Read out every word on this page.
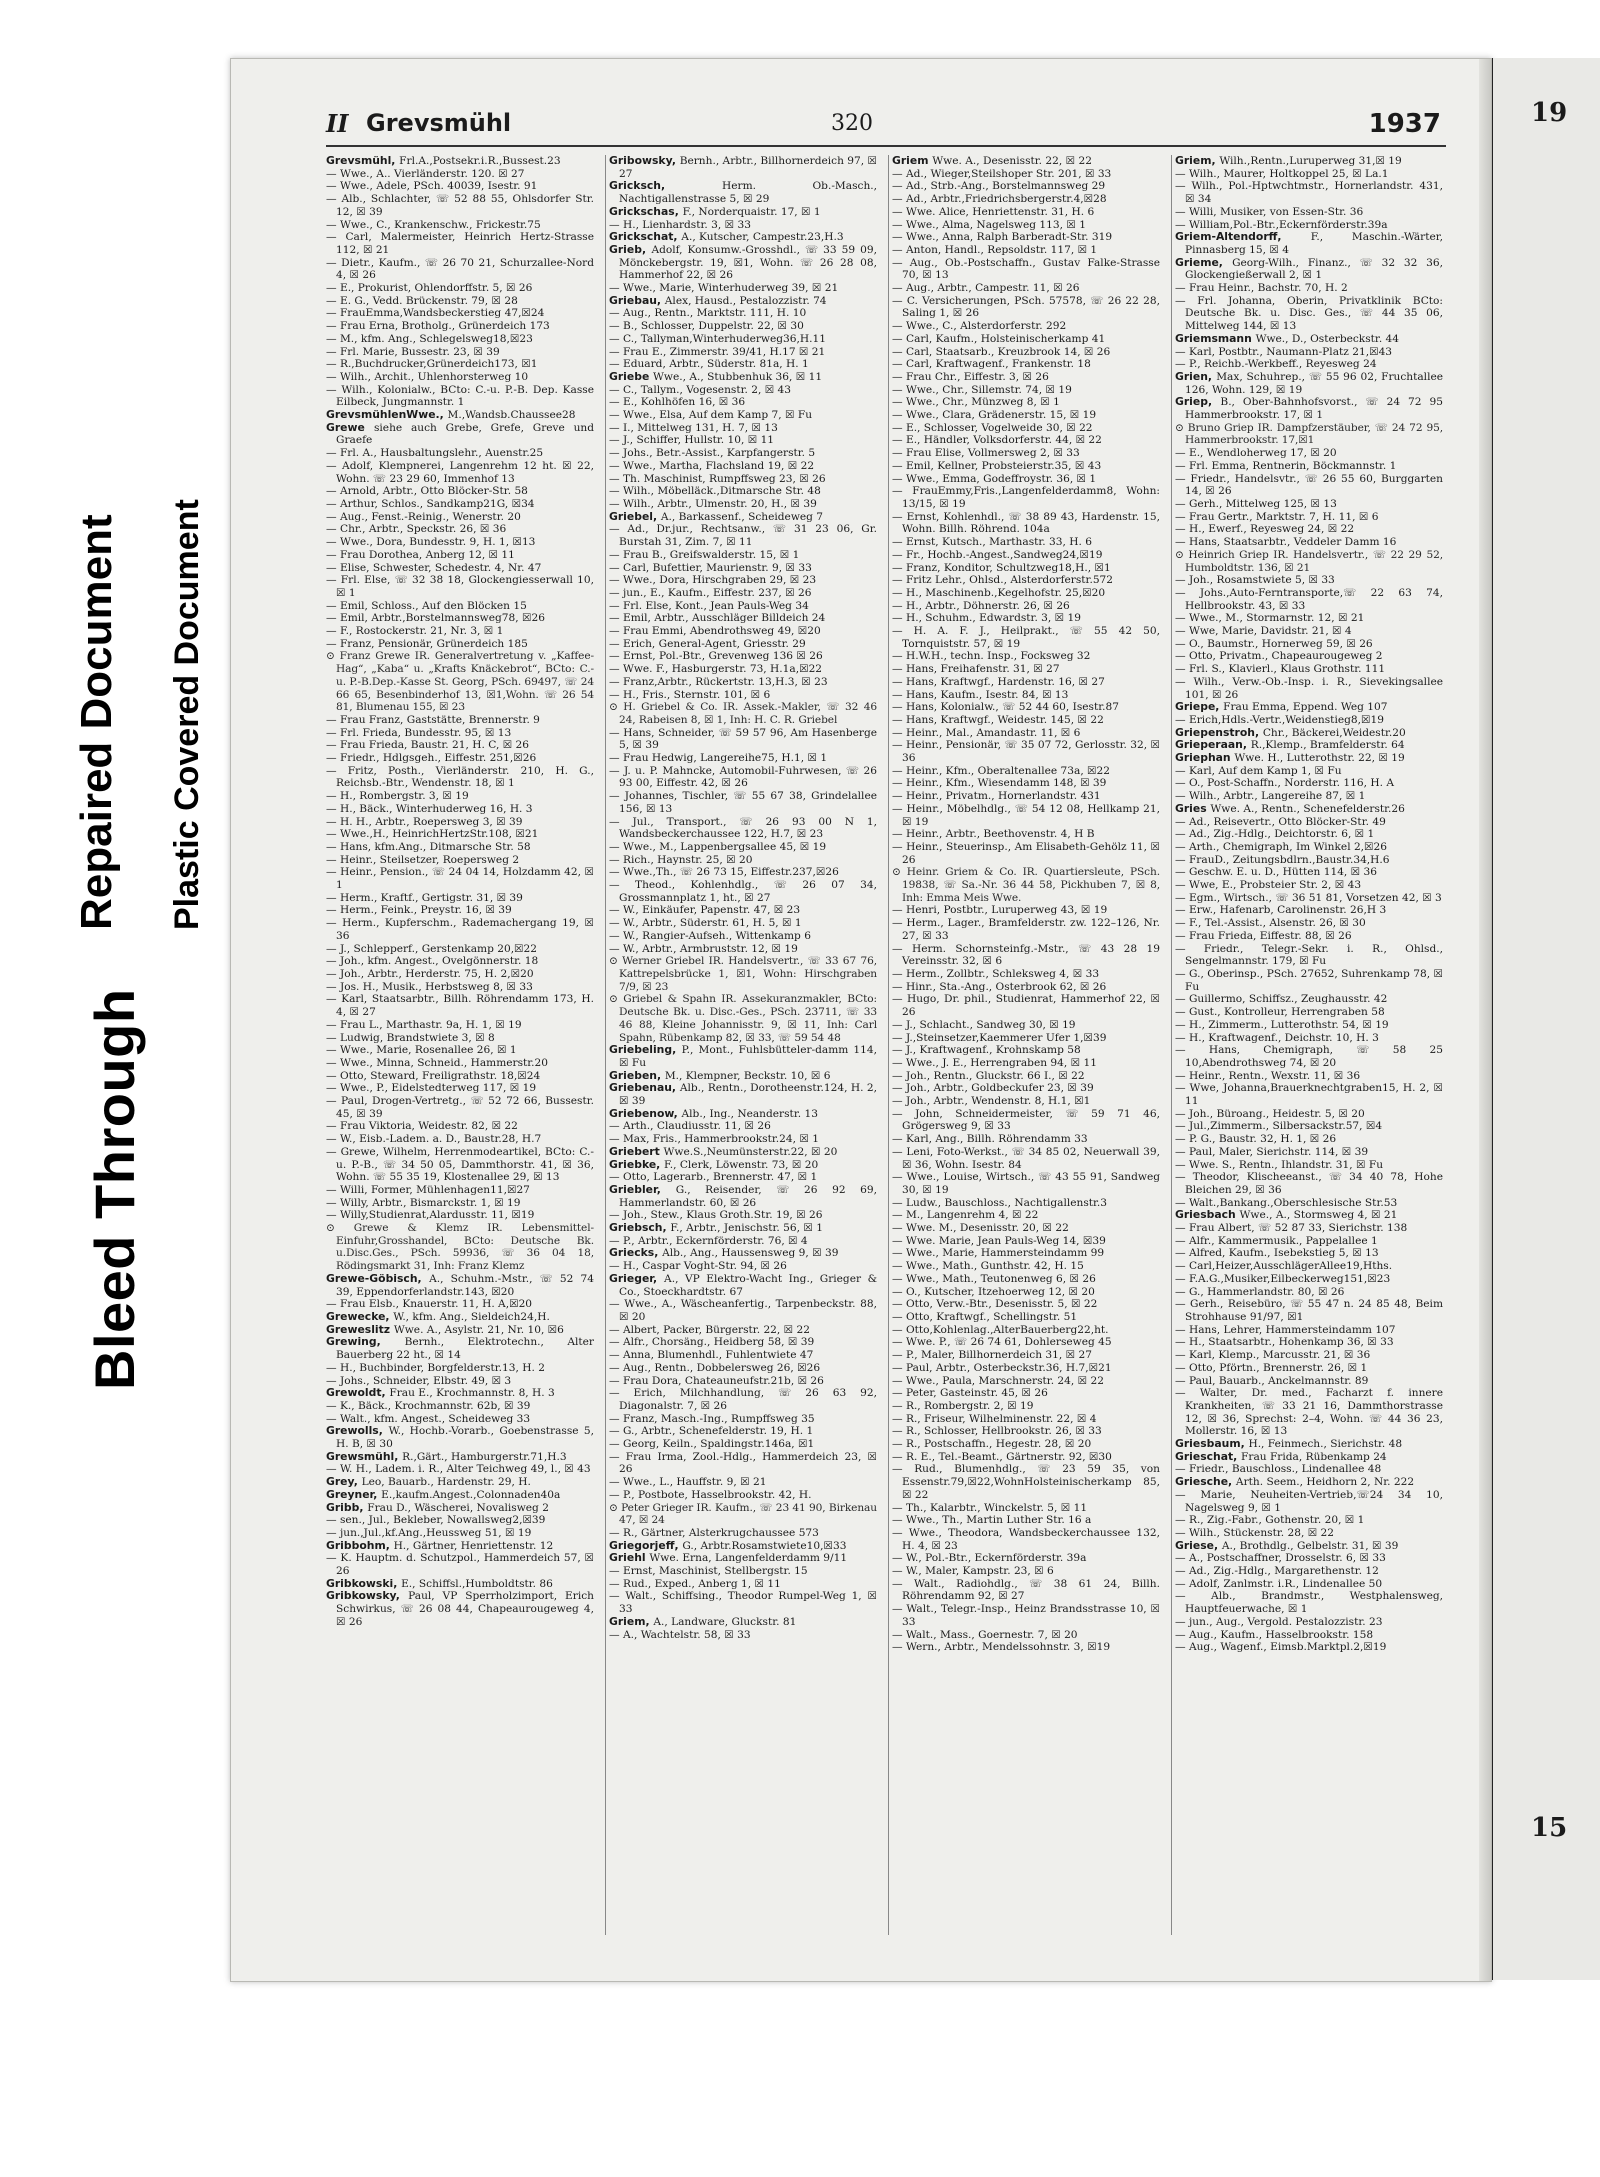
Bleed Through
Repaired Document Plastic Covered Document
II Grevsmühl	320	1937

Grevsmühl, Frl.A.,Postsekr.i.R.,Bussest.23

— Wwe., A.. Vierländerstr. 120. ☒ 27

— Wwe., Adele, PSch. 40039, Isestr. 91

— Alb., Schlachter, ☏ 52 88 55, Ohlsdorfer Str. 12, ☒ 39

— Wwe., C., Krankenschw., Frickestr.75

— Carl, Malermeister, Heinrich Hertz-Strasse 112, ☒ 21

— Dietr., Kaufm., ☏ 26 70 21, Schurzallee-Nord 4, ☒ 26

— E., Prokurist, Ohlendorffstr. 5, ☒ 26

— E. G., Vedd. Brückenstr. 79, ☒ 28

— FrauEmma,Wandsbeckerstieg 47,☒24

— Frau Erna, Brotholg., Grünerdeich 173

— M., kfm. Ang., Schlegelsweg18,☒23

— Frl. Marie, Bussestr. 23, ☒ 39

— R.,Buchdrucker,Grünerdeich173, ☒1

— Wilh., Archit., Uhlenhorsterweg 10

— Wilh., Kolonialw., BCto: C.-u. P.-B. Dep. Kasse Eilbeck, Jungmannstr. 1

GrevsmühlenWwe., M.,Wandsb.Chaussee28

Grewe siehe auch Grebe, Grefe, Greve und Graefe

— Frl. A., Hausbaltungslehr., Auenstr.25

— Adolf, Klempnerei, Langenrehm 12 ht. ☒ 22, Wohn. ☏ 23 29 60, Immenhof 13

— Arnold, Arbtr., Otto Blöcker-Str. 58

— Arthur, Schlos., Sandkamp21G, ☒34

— Aug., Fenst.-Reinig., Wenerstr. 20

— Chr., Arbtr., Speckstr. 26, ☒ 36

— Wwe., Dora, Bundesstr. 9, H. 1, ☒13

— Frau Dorothea, Anberg 12, ☒ 11

— Elise, Schwester, Schedestr. 4, Nr. 47

— Frl. Else, ☏ 32 38 18, Glockengiesserwall 10, ☒ 1

— Emil, Schloss., Auf den Blöcken 15

— Emil, Arbtr.,Borstelmannsweg78, ☒26

— F., Rostockerstr. 21, Nr. 3, ☒ 1

— Franz, Pensionär, Grünerdeich 185

⊙ Franz Grewe IR. Generalvertretung v. „Kaffee-Hag“, „Kaba“ u. „Krafts Knäckebrot“, BCto: C.- u. P.-B.Dep.-Kasse St. Georg, PSch. 69497, ☏ 24 66 65, Besenbinderhof 13, ☒1,Wohn. ☏ 26 54 81, Blumenau 155, ☒ 23

— Frau Franz, Gaststätte, Brennerstr. 9

— Frl. Frieda, Bundesstr. 95, ☒ 13

— Frau Frieda, Baustr. 21, H. C, ☒ 26

— Friedr., Hdlgsgeh., Eiffestr. 251,☒26

— Fritz, Posth., Vierländerstr. 210, H. G., Reichsb.-Btr., Wendenstr. 18, ☒ 1

— H., Rombergstr. 3, ☒ 19

— H., Bäck., Winterhuderweg 16, H. 3

— H. H., Arbtr., Roepersweg 3, ☒ 39

— Wwe.,H., HeinrichHertzStr.108, ☒21

— Hans, kfm.Ang., Ditmarsche Str. 58

— Heinr., Steilsetzer, Roepersweg 2

— Heinr., Pension., ☏ 24 04 14, Holzdamm 42, ☒ 1

— Herm., Kraftf., Gertigstr. 31, ☒ 39

— Herm., Feink., Preystr. 16, ☒ 39

— Herm., Kupferschm., Rademachergang 19, ☒ 36

— J., Schlepperf., Gerstenkamp 20,☒22

— Joh., kfm. Angest., Ovelgönnerstr. 18

— Joh., Arbtr., Herderstr. 75, H. 2,☒20

— Jos. H., Musik., Herbstsweg 8, ☒ 33

— Karl, Staatsarbtr., Billh. Röhrendamm 173, H. 4, ☒ 27

— Frau L., Marthastr. 9a, H. 1, ☒ 19

— Ludwig, Brandstwiete 3, ☒ 8

— Wwe., Marie, Rosenallee 26, ☒ 1

— Wwe., Minna, Schneid., Hammerstr.20

— Otto, Steward, Freiligrathstr. 18,☒24

— Wwe., P., Eidelstedterweg 117, ☒ 19

— Paul, Drogen-Vertretg., ☏ 52 72 66, Bussestr. 45, ☒ 39

— Frau Viktoria, Weidestr. 82, ☒ 22

— W., Eisb.-Ladem. a. D., Baustr.28, H.7

— Grewe, Wilhelm, Herrenmodeartikel, BCto: C.- u. P.-B., ☏ 34 50 05, Dammthorstr. 41, ☒ 36, Wohn. ☏ 55 35 19, Klostenallee 29, ☒ 13

— Willi, Former, Mühlenhagen11,☒27

— Willy, Arbtr., Bismarckstr. 1, ☒ 19

— Willy,Studienrat,Alardusstr. 11, ☒19

⊙ Grewe & Klemz IR. Lebensmittel-Einfuhr,Grosshandel, BCto: Deutsche Bk. u.Disc.Ges., PSch. 59936, ☏ 36 04 18, Rödingsmarkt 31, Inh: Franz Klemz

Grewe-Göbisch, A., Schuhm.-Mstr., ☏ 52 74 39, Eppendorferlandstr.143, ☒20

— Frau Elsb., Knauerstr. 11, H. A,☒20

Grewecke, W., kfm. Ang., Sieldeich24,H.

Greweslitz Wwe. A., Asylstr. 21, Nr. 10, ☒6

Grewing, Bernh., Elektrotechn., Alter Bauerberg 22 ht., ☒ 14

— H., Buchbinder, Borgfelderstr.13, H. 2

— Johs., Schneider, Elbstr. 49, ☒ 3

Grewoldt, Frau E., Krochmannstr. 8, H. 3

— K., Bäck., Krochmannstr. 62b, ☒ 39

— Walt., kfm. Angest., Scheideweg 33

Grewolls, W., Hochb.-Vorarb., Goebenstrasse 5, H. B, ☒ 30

Grewsmühl, R.,Gärt., Hamburgerstr.71,H.3

— W. H., Ladem. i. R., Alter Teichweg 49, l., ☒ 43

Grey, Leo, Bauarb., Hardenstr. 29, H.

Greyner, E.,kaufm.Angest.,Colonnaden40a

Gribb, Frau D., Wäscherei, Novalisweg 2

— sen., Jul., Bekleber, Nowallsweg2,☒39

— jun.,Jul.,kf.Ang.,Heussweg 51, ☒ 19

Gribbohm, H., Gärtner, Henriettenstr. 12

— K. Hauptm. d. Schutzpol., Hammerdeich 57, ☒ 26

Gribkowski, E., Schiffsl.,Humboldtstr. 86

Gribkowsky, Paul, VP Sperrholzimport, Erich Schwirkus, ☏ 26 08 44, Chapeaurougeweg 4, ☒ 26

Gribowsky, Bernh., Arbtr., Billhornerdeich 97, ☒ 27

Gricksch, Herm. Ob.-Masch., Nachtigallenstrasse 5, ☒ 29

Grickschas, F., Norderquaistr. 17, ☒ 1

— H., Lienhardstr. 3, ☒ 33

Grickschat, A., Kutscher, Campestr.23,H.3

Grieb, Adolf, Konsumw.-Grosshdl., ☏ 33 59 09, Mönckebergstr. 19, ☒1, Wohn. ☏ 26 28 08, Hammerhof 22, ☒ 26

— Wwe., Marie, Winterhuderweg 39, ☒ 21

Griebau, Alex, Hausd., Pestalozzistr. 74

— Aug., Rentn., Marktstr. 111, H. 10

— B., Schlosser, Duppelstr. 22, ☒ 30

— C., Tallyman,Winterhuderweg36,H.11

— Frau E., Zimmerstr. 39/41, H.17 ☒ 21

— Eduard, Arbtr., Süderstr. 81a, H. 1

Griebe Wwe., A., Stubbenhuk 36, ☒ 11

— C., Tallym., Vogesenstr. 2, ☒ 43

— E., Kohlhöfen 16, ☒ 36

— Wwe., Elsa, Auf dem Kamp 7, ☒ Fu

— I., Mittelweg 131, H. 7, ☒ 13

— J., Schiffer, Hullstr. 10, ☒ 11

— Johs., Betr.-Assist., Karpfangerstr. 5

— Wwe., Martha, Flachsland 19, ☒ 22

— Th. Maschinist, Rumpffsweg 23, ☒ 26

— Wilh., Möbelläck.,Ditmarsche Str. 48

— Wilh., Arbtr., Ulmenstr. 20, H., ☒ 39

Griebel, A., Barkassenf., Scheideweg 7

— Ad., Dr.jur., Rechtsanw., ☏ 31 23 06, Gr. Burstah 31, Zim. 7, ☒ 11

— Frau B., Greifswalderstr. 15, ☒ 1

— Carl, Bufettier, Maurienstr. 9, ☒ 33

— Wwe., Dora, Hirschgraben 29, ☒ 23

— jun., E., Kaufm., Eiffestr. 237, ☒ 26

— Frl. Else, Kont., Jean Pauls-Weg 34

— Emil, Arbtr., Ausschläger Billdeich 24

— Frau Emmi, Abendrothsweg 49, ☒20

— Erich, General-Agent, Griesstr. 29

— Ernst, Pol.-Btr., Grevenweg 136 ☒ 26

— Wwe. F., Hasburgerstr. 73, H.1a,☒22

— Franz,Arbtr., Rückertstr. 13,H.3, ☒ 23

— H., Fris., Sternstr. 101, ☒ 6

⊙ H. Griebel & Co. IR. Assek.-Makler, ☏ 32 46 24, Rabeisen 8, ☒ 1, Inh: H. C. R. Griebel

— Hans, Schneider, ☏ 59 57 96, Am Hasenberge 5, ☒ 39

— Frau Hedwig, Langereihe75, H.1, ☒ 1

— J. u. P. Mahncke, Automobil-Fuhrwesen, ☏ 26 93 00, Eiffestr. 42, ☒ 26

— Johannes, Tischler, ☏ 55 67 38, Grindelallee 156, ☒ 13

— Jul., Transport., ☏ 26 93 00 N 1, Wandsbeckerchaussee 122, H.7, ☒ 23

— Wwe., M., Lappenbergsallee 45, ☒ 19

— Rich., Haynstr. 25, ☒ 20

— Wwe.,Th., ☏ 26 73 15, Eiffestr.237,☒26

— Theod., Kohlenhdlg., ☏ 26 07 34, Grossmannplatz 1, ht., ☒ 27

— W., Einkäufer, Papenstr. 47, ☒ 23

— W., Arbtr., Süderstr. 61, H. 5, ☒ 1

— W., Rangier-Aufseh., Wittenkamp 6

— W., Arbtr., Armbruststr. 12, ☒ 19

⊙ Werner Griebel IR. Handelsvertr., ☏ 33 67 76, Kattrepelsbrücke 1, ☒1, Wohn: Hirschgraben 7/9, ☒ 23

⊙ Griebel & Spahn IR. Assekuranzmakler, BCto: Deutsche Bk. u. Disc.-Ges., PSch. 23711, ☏ 33 46 88, Kleine Johannisstr. 9, ☒ 11, Inh: Carl Spahn, Rübenkamp 82, ☒ 33, ☏ 59 54 48

Griebeling, P., Mont., Fuhlsbütteler-damm 114, ☒ Fu

Grieben, M., Klempner, Beckstr. 10, ☒ 6

Griebenau, Alb., Rentn., Dorotheenstr.124, H. 2, ☒ 39

Griebenow, Alb., Ing., Neanderstr. 13

— Arth., Claudiusstr. 11, ☒ 26

— Max, Fris., Hammerbrookstr.24, ☒ 1

Griebert Wwe.S.,Neumünsterstr.22, ☒ 20

Griebke, F., Clerk, Löwenstr. 73, ☒ 20

— Otto, Lagerarb., Brennerstr. 47, ☒ 1

Griebler, G., Reisender, ☏ 26 92 69, Hammerlandstr. 60, ☒ 26

— Joh., Stew., Klaus Groth.Str. 19, ☒ 26

Griebsch, F., Arbtr., Jenischstr. 56, ☒ 1

— P., Arbtr., Eckernförderstr. 76, ☒ 4

Griecks, Alb., Ang., Haussensweg 9, ☒ 39

— H., Caspar Voght-Str. 94, ☒ 26

Grieger, A., VP Elektro-Wacht Ing., Grieger & Co., Stoeckhardtstr. 67

— Wwe., A., Wäscheanfertig., Tarpenbeckstr. 88, ☒ 20

— Albert, Packer, Bürgerstr. 22, ☒ 22

— Alfr., Chorsäng., Heidberg 58, ☒ 39

— Anna, Blumenhdl., Fuhlentwiete 47

— Aug., Rentn., Dobbelersweg 26, ☒26

— Frau Dora, Chateauneufstr.21b, ☒ 26

— Erich, Milchhandlung, ☏ 26 63 92, Diagonalstr. 7, ☒ 26

— Franz, Masch.-Ing., Rumpffsweg 35

— G., Arbtr., Schenefelderstr. 19, H. 1

— Georg, Keiln., Spaldingstr.146a, ☒1

— Frau Irma, Zool.-Hdlg., Hammerdeich 23, ☒ 26

— Wwe., L., Hauffstr. 9, ☒ 21

— P., Postbote, Hasselbrookstr. 42, H.

⊙ Peter Grieger IR. Kaufm., ☏ 23 41 90, Birkenau 47, ☒ 24

— R., Gärtner, Alsterkrugchaussee 573

Griegorjeff, G., Arbtr.Rosamstwiete10,☒33

Griehl Wwe. Erna, Langenfelderdamm 9/11

— Ernst, Maschinist, Stellbergstr. 15

— Rud., Exped., Anberg 1, ☒ 11

— Walt., Schiffsing., Theodor Rumpel-Weg 1, ☒ 33

Griem, A., Landware, Gluckstr. 81

— A., Wachtelstr. 58, ☒ 33

Griem Wwe. A., Desenisstr. 22, ☒ 22

— Ad., Wieger,Steilshoper Str. 201, ☒ 33

— Ad., Strb.-Ang., Borstelmannsweg 29

— Ad., Arbtr.,Friedrichsbergerstr.4,☒28

— Wwe. Alice, Henriettenstr. 31, H. 6

— Wwe., Alma, Nagelsweg 113, ☒ 1

— Wwe., Anna, Ralph Barberadt-Str. 319

— Anton, Handl., Repsoldstr. 117, ☒ 1

— Aug., Ob.-Postschaffn., Gustav Falke-Strasse 70, ☒ 13

— Aug., Arbtr., Campestr. 11, ☒ 26

— C. Versicherungen, PSch. 57578, ☏ 26 22 28, Saling 1, ☒ 26

— Wwe., C., Alsterdorferstr. 292

— Carl, Kaufm., Holsteinischerkamp 41

— Carl, Staatsarb., Kreuzbrook 14, ☒ 26

— Carl, Kraftwagenf., Frankenstr. 18

— Frau Chr., Eiffestr. 3, ☒ 26

— Wwe., Chr., Sillemstr. 74, ☒ 19

— Wwe., Chr., Münzweg 8, ☒ 1

— Wwe., Clara, Grädenerstr. 15, ☒ 19

— E., Schlosser, Vogelweide 30, ☒ 22

— E., Händler, Volksdorferstr. 44, ☒ 22

— Frau Elise, Vollmersweg 2, ☒ 33

— Emil, Kellner, Probsteierstr.35, ☒ 43

— Wwe., Emma, Godeffroystr. 36, ☒ 1

— FrauEmmy,Fris.,Langenfelderdamm8, Wohn: 13/15, ☒ 19

— Ernst, Kohlenhdl., ☏ 38 89 43, Hardenstr. 15, Wohn. Billh. Röhrend. 104a

— Ernst, Kutsch., Marthastr. 33, H. 6

— Fr., Hochb.-Angest.,Sandweg24,☒19

— Franz, Konditor, Schultzweg18,H., ☒1

— Fritz Lehr., Ohlsd., Alsterdorferstr.572

— H., Maschinenb.,Kegelhofstr. 25,☒20

— H., Arbtr., Döhnerstr. 26, ☒ 26

— H., Schuhm., Edwardstr. 3, ☒ 19

— H. A. F. J., Heilprakt., ☏ 55 42 50, Tornquiststr. 57, ☒ 19

— H.W.H., techn. Insp., Focksweg 32

— Hans, Freihafenstr. 31, ☒ 27

— Hans, Kraftwgf., Hardenstr. 16, ☒ 27

— Hans, Kaufm., Isestr. 84, ☒ 13

— Hans, Kolonialw., ☏ 52 44 60, Isestr.87

— Hans, Kraftwgf., Weidestr. 145, ☒ 22

— Heinr., Mal., Amandastr. 11, ☒ 6

— Heinr., Pensionär, ☏ 35 07 72, Gerlosstr. 32, ☒ 36

— Heinr., Kfm., Oberaltenallee 73a, ☒22

— Heinr., Kfm., Wiesendamm 148, ☒ 39

— Heinr., Privatm., Hornerlandstr. 431

— Heinr., Möbelhdlg., ☏ 54 12 08, Hellkamp 21, ☒ 19

— Heinr., Arbtr., Beethovenstr. 4, H B

— Heinr., Steuerinsp., Am Elisabeth-Gehölz 11, ☒ 26

⊙ Heinr. Griem & Co. IR. Quartiersleute, PSch. 19838, ☏ Sa.-Nr. 36 44 58, Pickhuben 7, ☒ 8, Inh: Emma Meis Wwe.

— Henri, Postbtr., Luruperweg 43, ☒ 19

— Herm., Lager., Bramfelderstr. zw. 122–126, Nr. 27, ☒ 33

— Herm. Schornsteinfg.-Mstr., ☏ 43 28 19 Vereinsstr. 32, ☒ 6

— Herm., Zollbtr., Schleksweg 4, ☒ 33

— Hinr., Sta.-Ang., Osterbrook 62, ☒ 26

— Hugo, Dr. phil., Studienrat, Hammerhof 22, ☒ 26

— J., Schlacht., Sandweg 30, ☒ 19

— J.,Steinsetzer,Kaemmerer Ufer 1,☒39

— J., Kraftwagenf., Krohnskamp 58

— Wwe., J. E., Herrengraben 94, ☒ 11

— Joh., Rentn., Gluckstr. 66 I., ☒ 22

— Joh., Arbtr., Goldbeckufer 23, ☒ 39

— Joh., Arbtr., Wendenstr. 8, H.1, ☒1

— John, Schneidermeister, ☏ 59 71 46, Grögersweg 9, ☒ 33

— Karl, Ang., Billh. Röhrendamm 33

— Leni, Foto-Werkst., ☏ 34 85 02, Neuerwall 39, ☒ 36, Wohn. Isestr. 84

— Wwe., Louise, Wirtsch., ☏ 43 55 91, Sandweg 30, ☒ 19

— Ludw., Bauschloss., Nachtigallenstr.3

— M., Langenrehm 4, ☒ 22

— Wwe. M., Desenisstr. 20, ☒ 22

— Wwe. Marie, Jean Pauls-Weg 14, ☒39

— Wwe., Marie, Hammersteindamm 99

— Wwe., Math., Gunthstr. 42, H. 15

— Wwe., Math., Teutonenweg 6, ☒ 26

— O., Kutscher, Itzehoerweg 12, ☒ 20

— Otto, Verw.-Btr., Desenisstr. 5, ☒ 22

— Otto, Kraftwgf., Schellingstr. 51

— Otto,Kohlenlag.,AlterBauerberg22,ht.

— Wwe. P., ☏ 26 74 61, Dohlerseweg 45

— P., Maler, Billhornerdeich 31, ☒ 27

— Paul, Arbtr., Osterbeckstr.36, H.7,☒21

— Wwe., Paula, Marschnerstr. 24, ☒ 22

— Peter, Gasteinstr. 45, ☒ 26

— R., Rombergstr. 2, ☒ 19

— R., Friseur, Wilhelminenstr. 22, ☒ 4

— R., Schlosser, Hellbrookstr. 26, ☒ 33

— R., Postschaffn., Hegestr. 28, ☒ 20

— R. E., Tel.-Beamt., Gärtnerstr. 92, ☒30

— Rud., Blumenhdlg., ☏ 23 59 35, von Essenstr.79,☒22,WohnHolsteinischerkamp 85, ☒ 22

— Th., Kalarbtr., Winckelstr. 5, ☒ 11

— Wwe., Th., Martin Luther Str. 16 a

— Wwe., Theodora, Wandsbeckerchaussee 132, H. 4, ☒ 23

— W., Pol.-Btr., Eckernförderstr. 39a

— W., Maler, Kampstr. 23, ☒ 6

— Walt., Radiohdlg., ☏ 38 61 24, Billh. Röhrendamm 92, ☒ 27

— Walt., Telegr.-Insp., Heinz Brandsstrasse 10, ☒ 33

— Walt., Mass., Goernestr. 7, ☒ 20

— Wern., Arbtr., Mendelssohnstr. 3, ☒19

Griem, Wilh.,Rentn.,Luruperweg 31,☒ 19

— Wilh., Maurer, Holtkoppel 25, ☒ La.1

— Wilh., Pol.-Hptwchtmstr., Hornerlandstr. 431, ☒ 34

— Willi, Musiker, von Essen-Str. 36

— William,Pol.-Btr.,Eckernförderstr.39a

Griem-Altendorff, F., Maschin.-Wärter, Pinnasberg 15, ☒ 4

Grieme, Georg-Wilh., Finanz., ☏ 32 32 36, Glockengießerwall 2, ☒ 1

— Frau Heinr., Bachstr. 70, H. 2

— Frl. Johanna, Oberin, Privatklinik BCto: Deutsche Bk. u. Disc. Ges., ☏ 44 35 06, Mittelweg 144, ☒ 13

Griemsmann Wwe., D., Osterbeckstr. 44

— Karl, Postbtr., Naumann-Platz 21,☒43

— P., Reichb.-Werkbeff., Reyesweg 24

Grien, Max, Schuhrep., ☏ 55 96 02, Fruchtallee 126, Wohn. 129, ☒ 19

Griep, B., Ober-Bahnhofsvorst., ☏ 24 72 95 Hammerbrookstr. 17, ☒ 1

⊙ Bruno Griep IR. Dampfzerstäuber, ☏ 24 72 95, Hammerbrookstr. 17,☒1

— E., Wendloherweg 17, ☒ 20

— Frl. Emma, Rentnerin, Böckmannstr. 1

— Friedr., Handelsvtr., ☏ 26 55 60, Burggarten 14, ☒ 26

— Gerh., Mittelweg 125, ☒ 13

— Frau Gertr., Marktstr. 7, H. 11, ☒ 6

— H., Ewerf., Reyesweg 24, ☒ 22

— Hans, Staatsarbtr., Veddeler Damm 16

⊙ Heinrich Griep IR. Handelsvertr., ☏ 22 29 52, Humboldtstr. 136, ☒ 21

— Joh., Rosamstwiete 5, ☒ 33

— Johs.,Auto-Ferntransporte,☏ 22 63 74, Hellbrookstr. 43, ☒ 33

— Wwe., M., Stormarnstr. 12, ☒ 21

— Wwe, Marie, Davidstr. 21, ☒ 4

— O., Baumstr., Hornerweg 59, ☒ 26

— Otto, Privatm., Chapeaurougeweg 2

— Frl. S., Klavierl., Klaus Grothstr. 111

— Wilh., Verw.-Ob.-Insp. i. R., Sievekingsallee 101, ☒ 26

Griepe, Frau Emma, Eppend. Weg 107

— Erich,Hdls.-Vertr.,Weidenstieg8,☒19

Griepenstroh, Chr., Bäckerei,Weidestr.20

Grieperaan, R.,Klemp., Bramfelderstr. 64

Griephan Wwe. H., Lutterothstr. 22, ☒ 19

— Karl, Auf dem Kamp 1, ☒ Fu

— O., Post-Schaffn., Norderstr. 116, H. A

— Wilh., Arbtr., Langereihe 87, ☒ 1

Gries Wwe. A., Rentn., Schenefelderstr.26

— Ad., Reisevertr., Otto Blöcker-Str. 49

— Ad., Zig.-Hdlg., Deichtorstr. 6, ☒ 1

— Arth., Chemigraph, Im Winkel 2,☒26

— FrauD., Zeitungsbdlrn.,Baustr.34,H.6

— Geschw. E. u. D., Hütten 114, ☒ 36

— Wwe, E., Probsteier Str. 2, ☒ 43

— Egm., Wirtsch., ☏ 36 51 81, Vorsetzen 42, ☒ 3

— Erw., Hafenarb, Carolinenstr. 26,H 3

— F., Tel.-Assist., Alsenstr. 26, ☒ 30

— Frau Frieda, Eiffestr. 88, ☒ 26

— Friedr., Telegr.-Sekr. i. R., Ohlsd., Sengelmannstr. 179, ☒ Fu

— G., Oberinsp., PSch. 27652, Suhrenkamp 78, ☒ Fu

— Guillermo, Schiffsz., Zeughausstr. 42

— Gust., Kontrolleur, Herrengraben 58

— H., Zimmerm., Lutterothstr. 54, ☒ 19

— H., Kraftwagenf., Deichstr. 10, H. 3

— Hans, Chemigraph, ☏ 58 25 10,Abendrothsweg 74, ☒ 20

— Heinr., Rentn., Wexstr. 11, ☒ 36

— Wwe, Johanna,Brauerknechtgraben15, H. 2, ☒ 11

— Joh., Büroang., Heidestr. 5, ☒ 20

— Jul.,Zimmerm., Silbersackstr.57, ☒4

— P. G., Baustr. 32, H. 1, ☒ 26

— Paul, Maler, Sierichstr. 114, ☒ 39

— Wwe. S., Rentn., Ihlandstr. 31, ☒ Fu

— Theodor, Klischeeanst., ☏ 34 40 78, Hohe Bleichen 29, ☒ 36

— Walt.,Bankang.,Oberschlesische Str.53

Griesbach Wwe., A., Stormsweg 4, ☒ 21

— Frau Albert, ☏ 52 87 33, Sierichstr. 138

— Alfr., Kammermusik., Pappelallee 1

— Alfred, Kaufm., Isebekstieg 5, ☒ 13

— Carl,Heizer,AusschlägerAllee19,Hths.

— F.A.G.,Musiker,Eilbeckerweg151,☒23

— G., Hammerlandstr. 80, ☒ 26

— Gerh., Reisebüro, ☏ 55 47 n. 24 85 48, Beim Strohhause 91/97, ☒1

— Hans, Lehrer, Hammersteindamm 107

— H., Staatsarbtr., Hohenkamp 36, ☒ 33

— Karl, Klemp., Marcusstr. 21, ☒ 36

— Otto, Pförtn., Brennerstr. 26, ☒ 1

— Paul, Bauarb., Anckelmannstr. 89

— Walter, Dr. med., Facharzt f. innere Krankheiten, ☏ 33 21 16, Dammthorstrasse 12, ☒ 36, Sprechst: 2–4, Wohn. ☏ 44 36 23, Mollerstr. 16, ☒ 13

Griesbaum, H., Feinmech., Sierichstr. 48

Grieschat, Frau Frida, Rübenkamp 24

— Friedr., Bauschloss., Lindenallee 48

Griesche, Arth. Seem., Heidhorn 2, Nr. 222

— Marie, Neuheiten-Vertrieb,☏24 34 10, Nagelsweg 9, ☒ 1

— R., Zig.-Fabr., Gothenstr. 20, ☒ 1

— Wilh., Stückenstr. 28, ☒ 22

Griese, A., Brothdlg., Gelbelstr. 31, ☒ 39

— A., Postschaffner, Drosselstr. 6, ☒ 33

— Ad., Zig.-Hdlg., Margarethenstr. 12

— Adolf, Zanlmstr. i.R., Lindenallee 50

— Alb., Brandmstr., Westphalensweg, Hauptfeuerwache, ☒ 1

— jun., Aug., Vergold. Pestalozzistr. 23

— Aug., Kaufm., Hasselbrookstr. 158

— Aug., Wagenf., Eimsb.Marktpl.2,☒19

19
15
